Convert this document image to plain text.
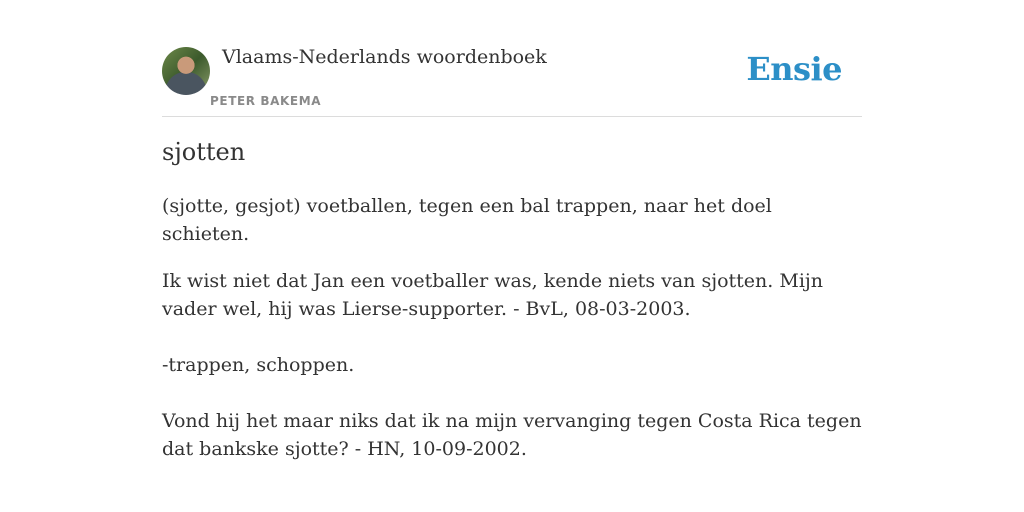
Vlaams-Nederlands woordenboek
PETER BAKEMA
Ensie
sjotten

(sjotte, gesjot) voetballen, tegen een bal trappen, naar het doel schieten.

Ik wist niet dat Jan een voetballer was, kende niets van sjotten. Mijn vader wel, hij was Lierse-supporter. - BvL, 08-03-2003.

-trappen, schoppen.

Vond hij het maar niks dat ik na mijn vervanging tegen Costa Rica tegen dat bankske sjotte? - HN, 10-09-2002.
